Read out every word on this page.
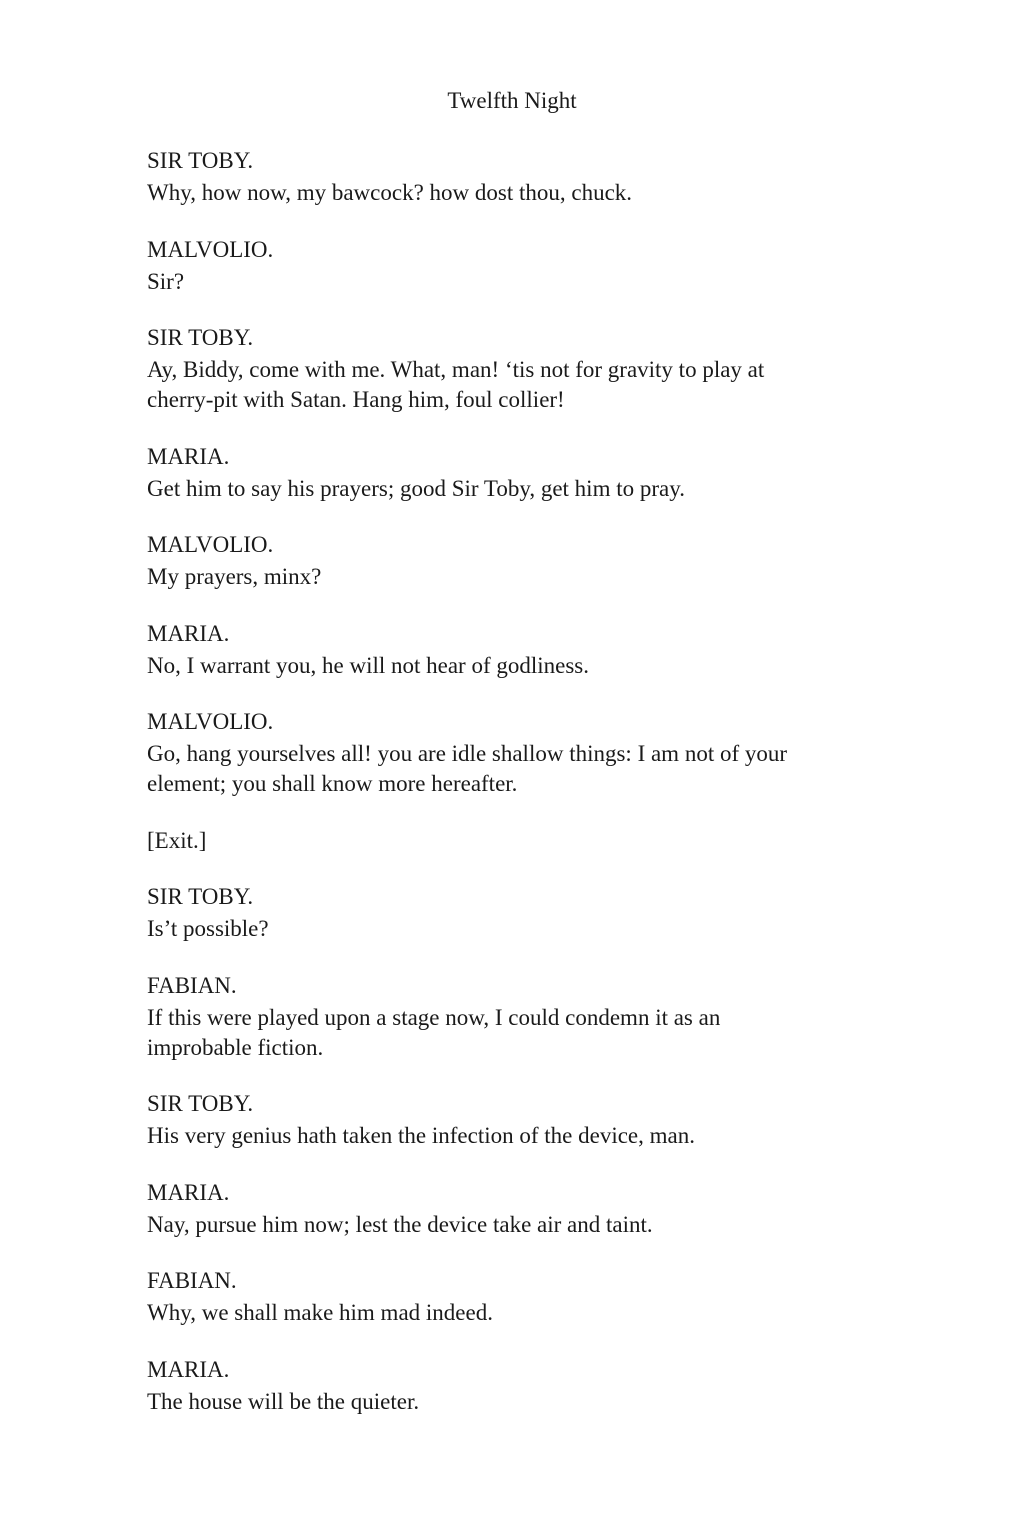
Twelfth Night
SIR TOBY.
Why, how now, my bawcock? how dost thou, chuck.
MALVOLIO.
Sir?
SIR TOBY.
Ay, Biddy, come with me. What, man! ‘tis not for gravity to play at
cherry-pit with Satan. Hang him, foul collier!
MARIA.
Get him to say his prayers; good Sir Toby, get him to pray.
MALVOLIO.
My prayers, minx?
MARIA.
No, I warrant you, he will not hear of godliness.
MALVOLIO.
Go, hang yourselves all! you are idle shallow things: I am not of your
element; you shall know more hereafter.
[Exit.]
SIR TOBY.
Is’t possible?
FABIAN.
If this were played upon a stage now, I could condemn it as an
improbable fiction.
SIR TOBY.
His very genius hath taken the infection of the device, man.
MARIA.
Nay, pursue him now; lest the device take air and taint.
FABIAN.
Why, we shall make him mad indeed.
MARIA.
The house will be the quieter.
